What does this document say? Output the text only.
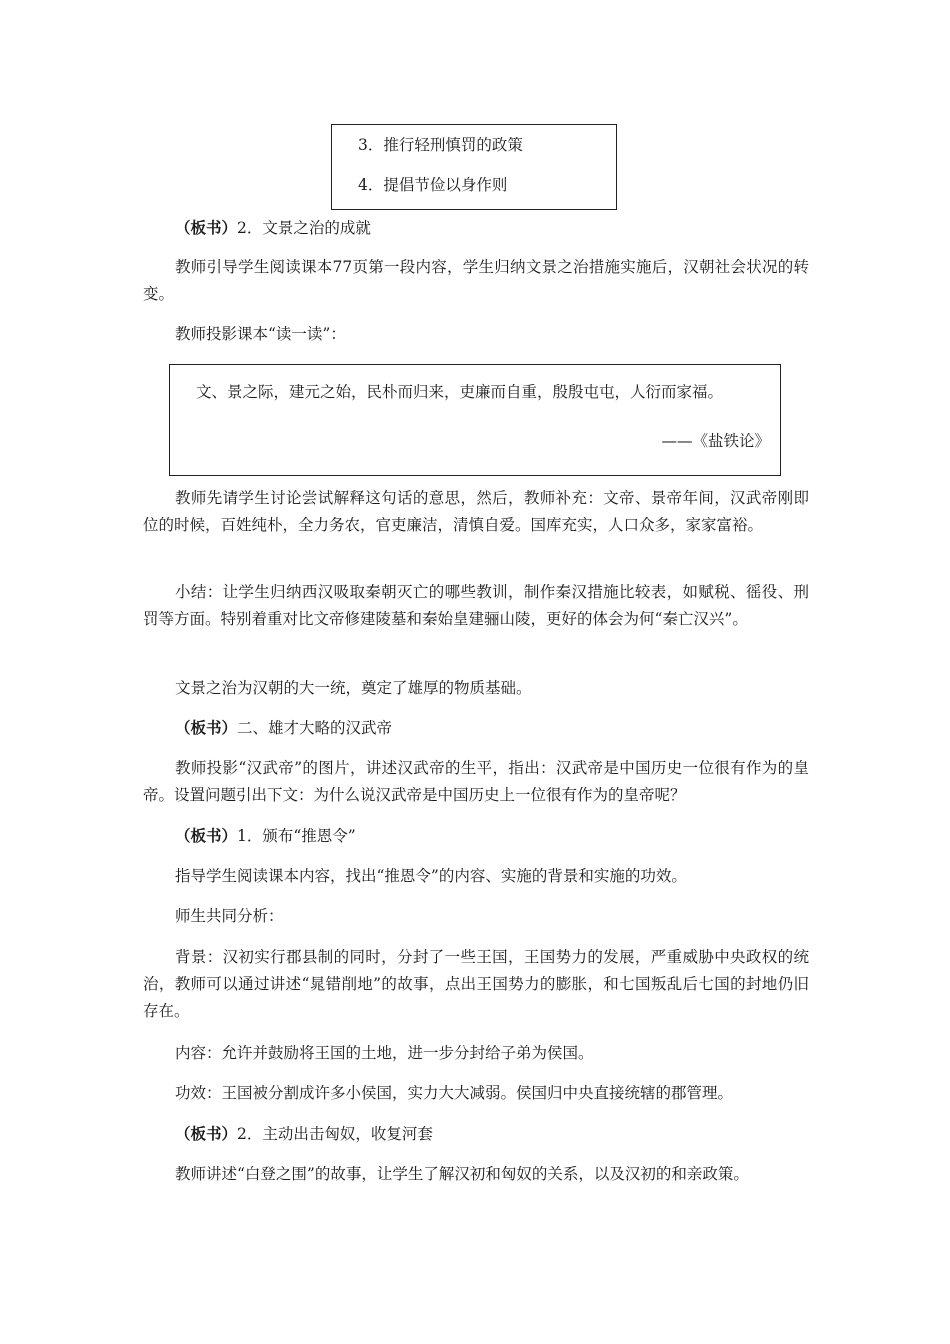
3．推行轻刑慎罚的政策
4．提倡节俭以身作则
（板书）2．文景之治的成就
教师引导学生阅读课本77页第一段内容，学生归纳文景之治措施实施后，汉朝社会状况的转变。
教师投影课本“读一读”：
文、景之际，建元之始，民朴而归来，吏廉而自重，殷殷屯屯，人衍而家福。
——《盐铁论》
教师先请学生讨论尝试解释这句话的意思，然后，教师补充：文帝、景帝年间，汉武帝刚即位的时候，百姓纯朴，全力务农，官吏廉洁，清慎自爱。国库充实，人口众多，家家富裕。
小结：让学生归纳西汉吸取秦朝灭亡的哪些教训，制作秦汉措施比较表，如赋税、徭役、刑罚等方面。特别着重对比文帝修建陵墓和秦始皇建骊山陵，更好的体会为何“秦亡汉兴”。
文景之治为汉朝的大一统，奠定了雄厚的物质基础。
（板书）二、雄才大略的汉武帝
教师投影“汉武帝”的图片，讲述汉武帝的生平，指出：汉武帝是中国历史一位很有作为的皇帝。设置问题引出下文：为什么说汉武帝是中国历史上一位很有作为的皇帝呢？
（板书）1．颁布“推恩令”
指导学生阅读课本内容，找出“推恩令”的内容、实施的背景和实施的功效。
师生共同分析：
背景：汉初实行郡县制的同时，分封了一些王国，王国势力的发展，严重威胁中央政权的统治，教师可以通过讲述“晁错削地”的故事，点出王国势力的膨胀，和七国叛乱后七国的封地仍旧存在。
内容：允许并鼓励将王国的土地，进一步分封给子弟为侯国。
功效：王国被分割成许多小侯国，实力大大减弱。侯国归中央直接统辖的郡管理。
（板书）2．主动出击匈奴，收复河套
教师讲述“白登之围”的故事，让学生了解汉初和匈奴的关系，以及汉初的和亲政策。
